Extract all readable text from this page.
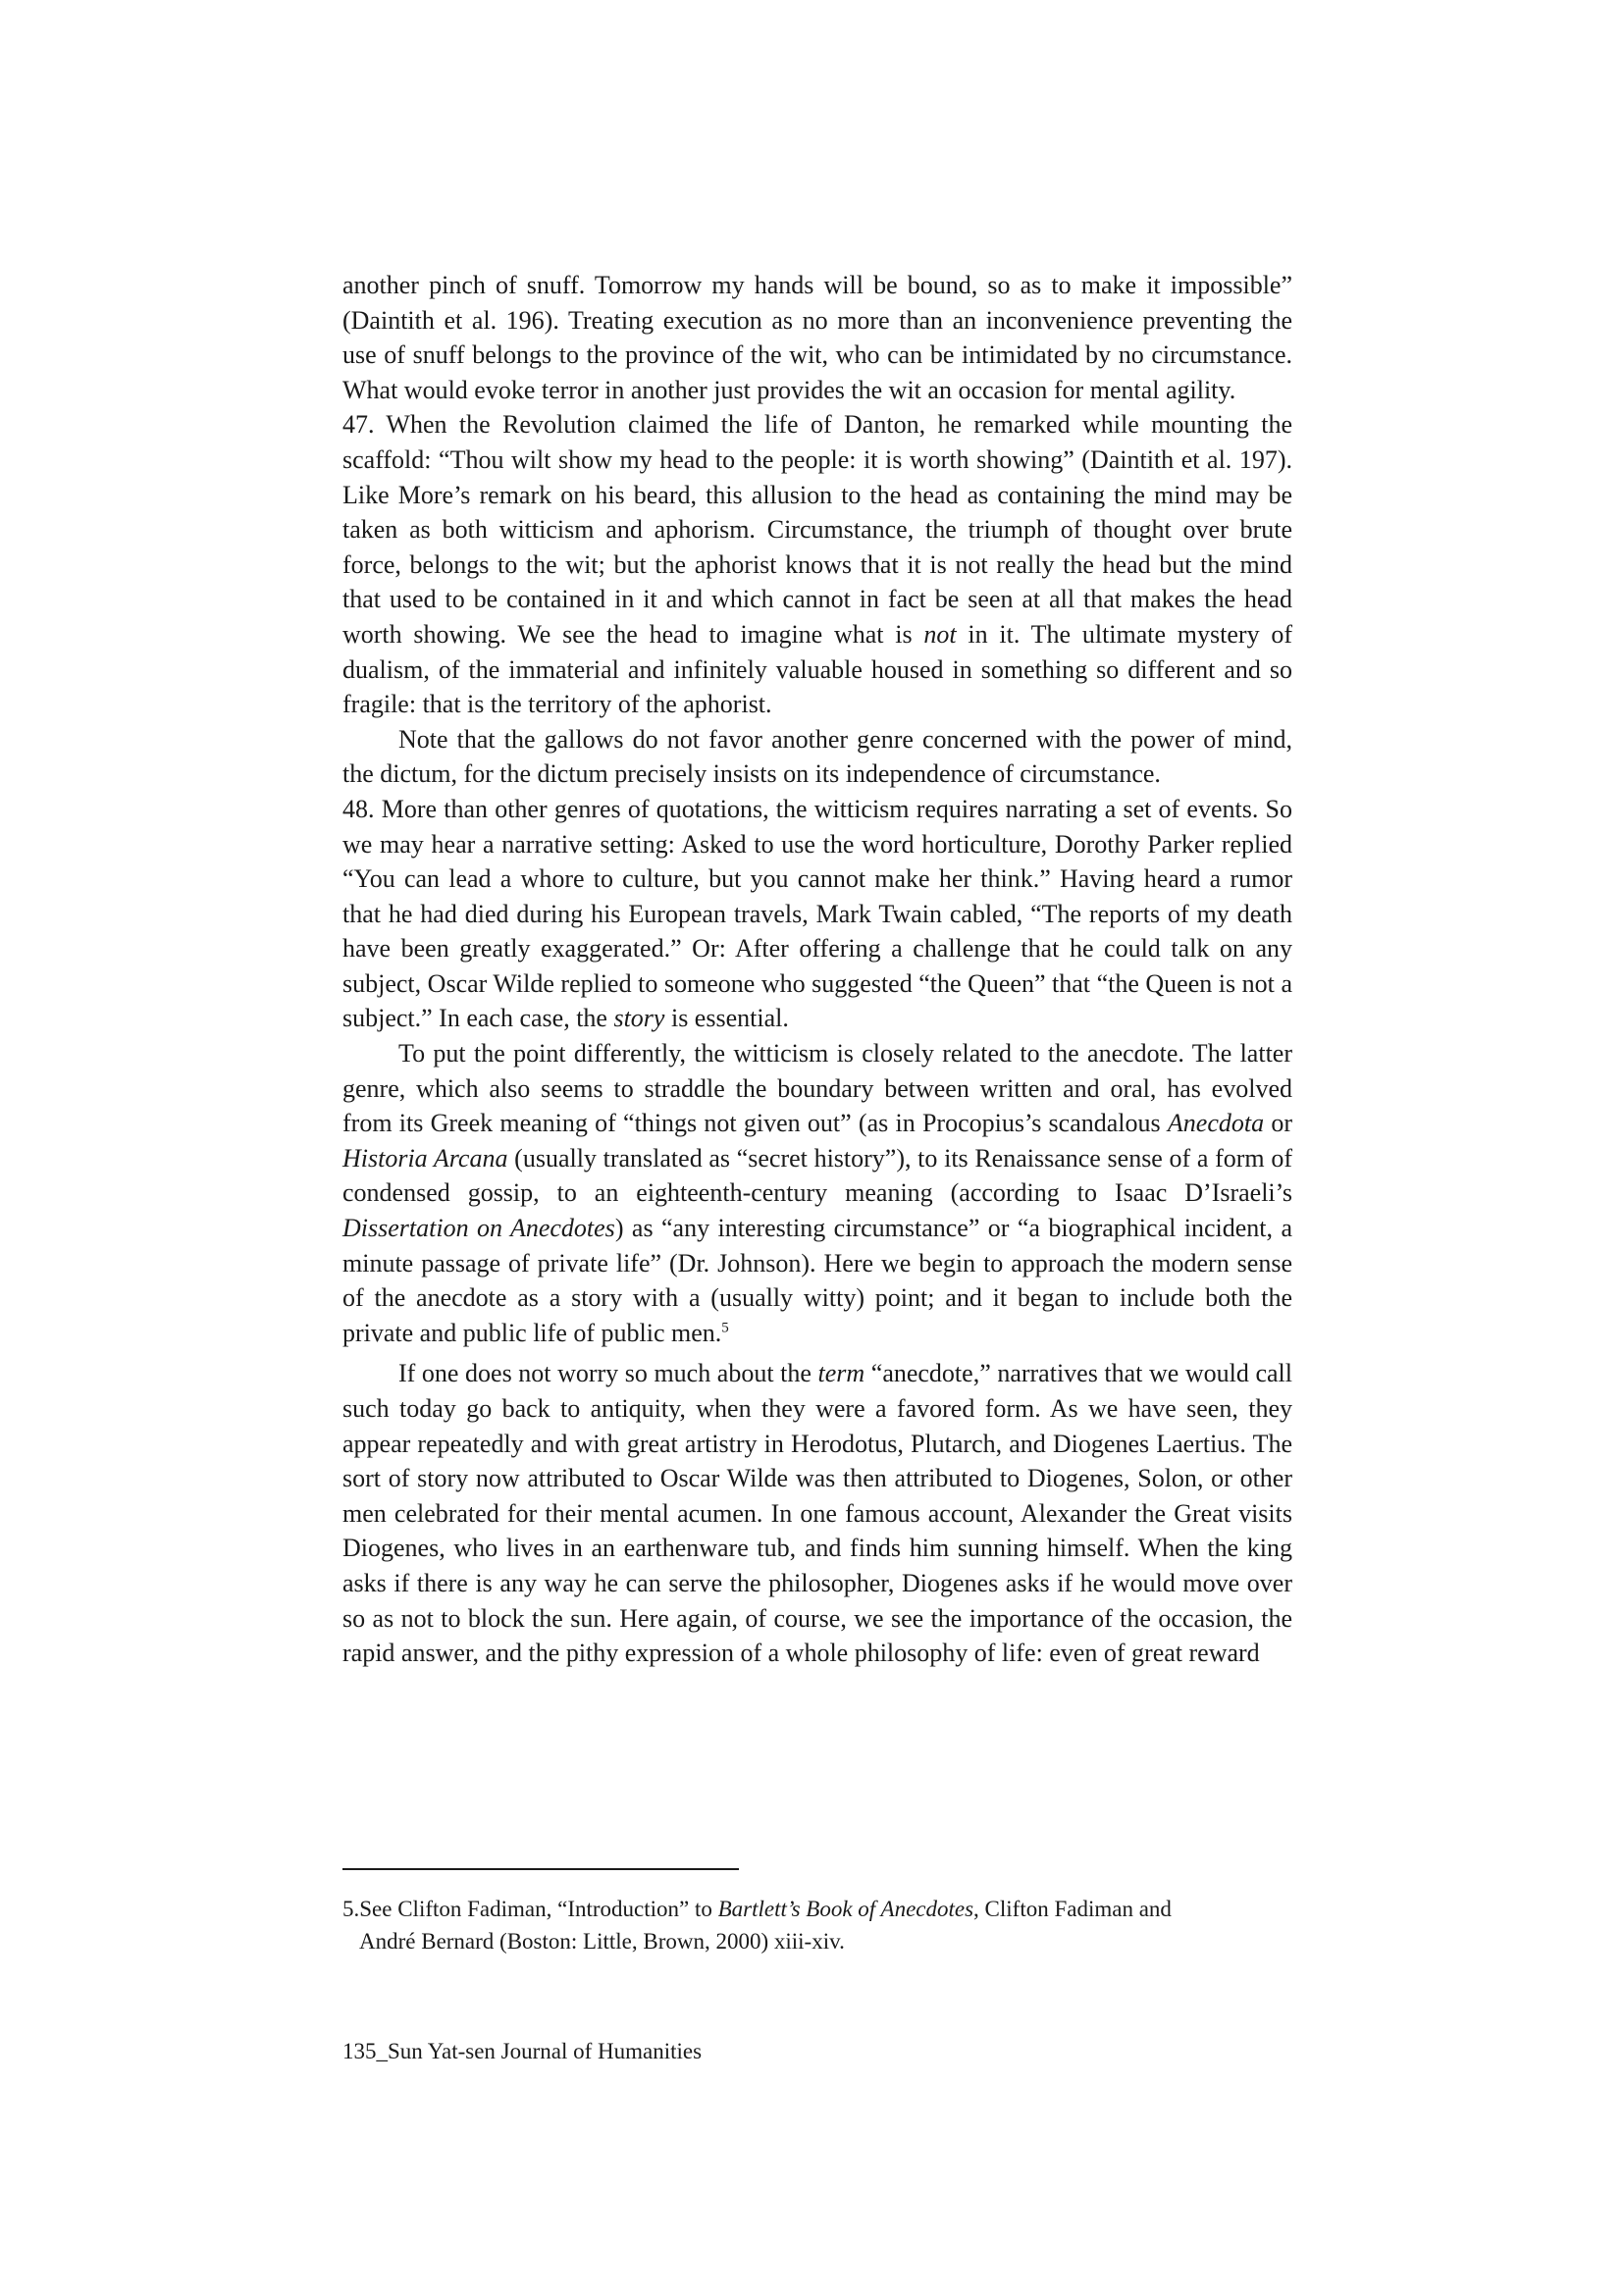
another pinch of snuff. Tomorrow my hands will be bound, so as to make it impossible” (Daintith et al. 196). Treating execution as no more than an inconvenience preventing the use of snuff belongs to the province of the wit, who can be intimidated by no circumstance. What would evoke terror in another just provides the wit an occasion for mental agility.

47. When the Revolution claimed the life of Danton, he remarked while mounting the scaffold: “Thou wilt show my head to the people: it is worth showing” (Daintith et al. 197). Like More’s remark on his beard, this allusion to the head as containing the mind may be taken as both witticism and aphorism. Circumstance, the triumph of thought over brute force, belongs to the wit; but the aphorist knows that it is not really the head but the mind that used to be contained in it and which cannot in fact be seen at all that makes the head worth showing. We see the head to imagine what is not in it. The ultimate mystery of dualism, of the immaterial and infinitely valuable housed in something so different and so fragile: that is the territory of the aphorist.

Note that the gallows do not favor another genre concerned with the power of mind, the dictum, for the dictum precisely insists on its independence of circumstance.

48. More than other genres of quotations, the witticism requires narrating a set of events. So we may hear a narrative setting: Asked to use the word horticulture, Dorothy Parker replied “You can lead a whore to culture, but you cannot make her think.” Having heard a rumor that he had died during his European travels, Mark Twain cabled, “The reports of my death have been greatly exaggerated.” Or: After offering a challenge that he could talk on any subject, Oscar Wilde replied to someone who suggested “the Queen” that “the Queen is not a subject.” In each case, the story is essential.

To put the point differently, the witticism is closely related to the anecdote. The latter genre, which also seems to straddle the boundary between written and oral, has evolved from its Greek meaning of “things not given out” (as in Procopius’s scandalous Anecdota or Historia Arcana (usually translated as “secret history”), to its Renaissance sense of a form of condensed gossip, to an eighteenth-century meaning (according to Isaac D’Israeli’s Dissertation on Anecdotes) as “any interesting circumstance” or “a biographical incident, a minute passage of private life” (Dr. Johnson). Here we begin to approach the modern sense of the anecdote as a story with a (usually witty) point; and it began to include both the private and public life of public men.$^5$

If one does not worry so much about the term “anecdote,” narratives that we would call such today go back to antiquity, when they were a favored form. As we have seen, they appear repeatedly and with great artistry in Herodotus, Plutarch, and Diogenes Laertius. The sort of story now attributed to Oscar Wilde was then attributed to Diogenes, Solon, or other men celebrated for their mental acumen. In one famous account, Alexander the Great visits Diogenes, who lives in an earthenware tub, and finds him sunning himself. When the king asks if there is any way he can serve the philosopher, Diogenes asks if he would move over so as not to block the sun. Here again, of course, we see the importance of the occasion, the rapid answer, and the pithy expression of a whole philosophy of life: even of great reward

5.See Clifton Fadiman, “Introduction” to Bartlett’s Book of Anecdotes, Clifton Fadiman and
André Bernard (Boston: Little, Brown, 2000) xiii-xiv.
135_Sun Yat-sen Journal of Humanities
